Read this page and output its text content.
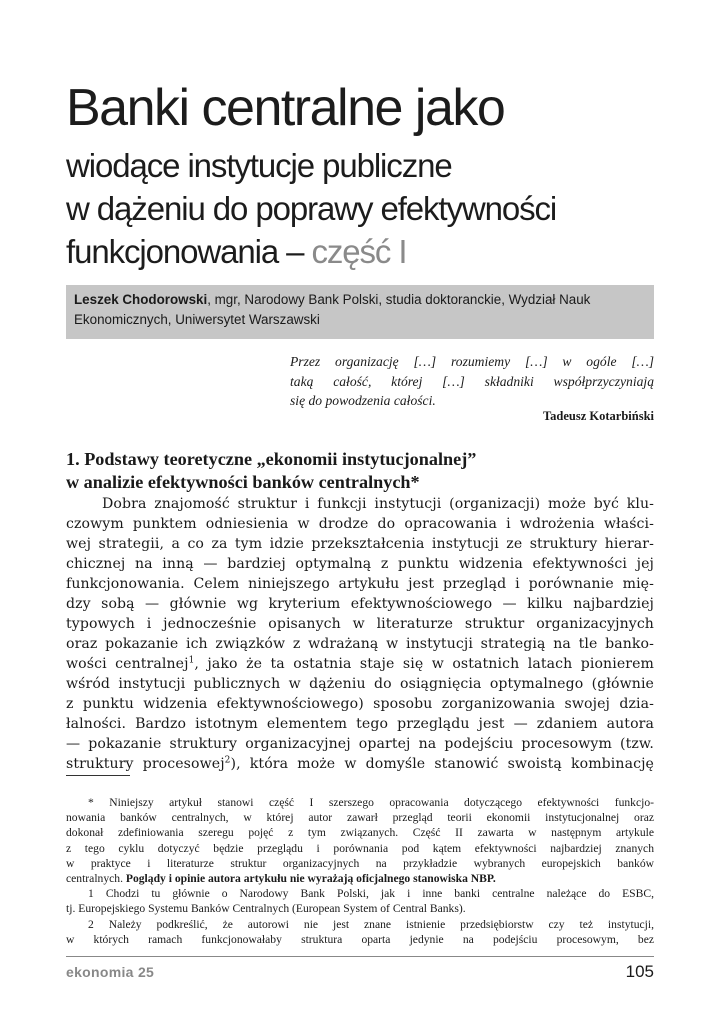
Banki centralne jako
wiodące instytucje publiczne
w dążeniu do poprawy efektywności
funkcjonowania – część I
Leszek Chodorowski, mgr, Narodowy Bank Polski, studia doktoranckie, Wydział Nauk
Ekonomicznych, Uniwersytet Warszawski
Przez organizację […] rozumiemy […] w ogóle […]
taką całość, której […] składniki współprzyczyniają
się do powodzenia całości.
Tadeusz Kotarbiński
1. Podstawy teoretyczne „ekonomii instytucjonalnej”
w analizie efektywności banków centralnych*
Dobra znajomość struktur i funkcji instytucji (organizacji) może być klu-
czowym punktem odniesienia w drodze do opracowania i wdrożenia właści-
wej strategii, a co za tym idzie przekształcenia instytucji ze struktury hierar-
chicznej na inną — bardziej optymalną z punktu widzenia efektywności jej
funkcjonowania. Celem niniejszego artykułu jest przegląd i porównanie mię-
dzy sobą — głównie wg kryterium efektywnościowego — kilku najbardziej
typowych i jednocześnie opisanych w literaturze struktur organizacyjnych
oraz pokazanie ich związków z wdrażaną w instytucji strategią na tle banko-
wości centralnej$^1$, jako że ta ostatnia staje się w ostatnich latach pionierem
wśród instytucji publicznych w dążeniu do osiągnięcia optymalnego (głównie
z punktu widzenia efektywnościowego) sposobu zorganizowania swojej dzia-
łalności. Bardzo istotnym elementem tego przeglądu jest — zdaniem autora
— pokazanie struktury organizacyjnej opartej na podejściu procesowym (tzw.
struktury procesowej$^2$), która może w domyśle stanowić swoistą kombinację
* Niniejszy artykuł stanowi część I szerszego opracowania dotyczącego efektywności funkcjo-
nowania banków centralnych, w której autor zawarł przegląd teorii ekonomii instytucjonalnej oraz
dokonał zdefiniowania szeregu pojęć z tym związanych. Część II zawarta w następnym artykule
z tego cyklu dotyczyć będzie przeglądu i porównania pod kątem efektywności najbardziej znanych
w praktyce i literaturze struktur organizacyjnych na przykładzie wybranych europejskich banków
centralnych. Poglądy i opinie autora artykułu nie wyrażają oficjalnego stanowiska NBP.
1 Chodzi tu głównie o Narodowy Bank Polski, jak i inne banki centralne należące do ESBC,
tj. Europejskiego Systemu Banków Centralnych (European System of Central Banks).
2 Należy podkreślić, że autorowi nie jest znane istnienie przedsiębiorstw czy też instytucji,
w których ramach funkcjonowałaby struktura oparta jedynie na podejściu procesowym, bez
ekonomia 25	105
